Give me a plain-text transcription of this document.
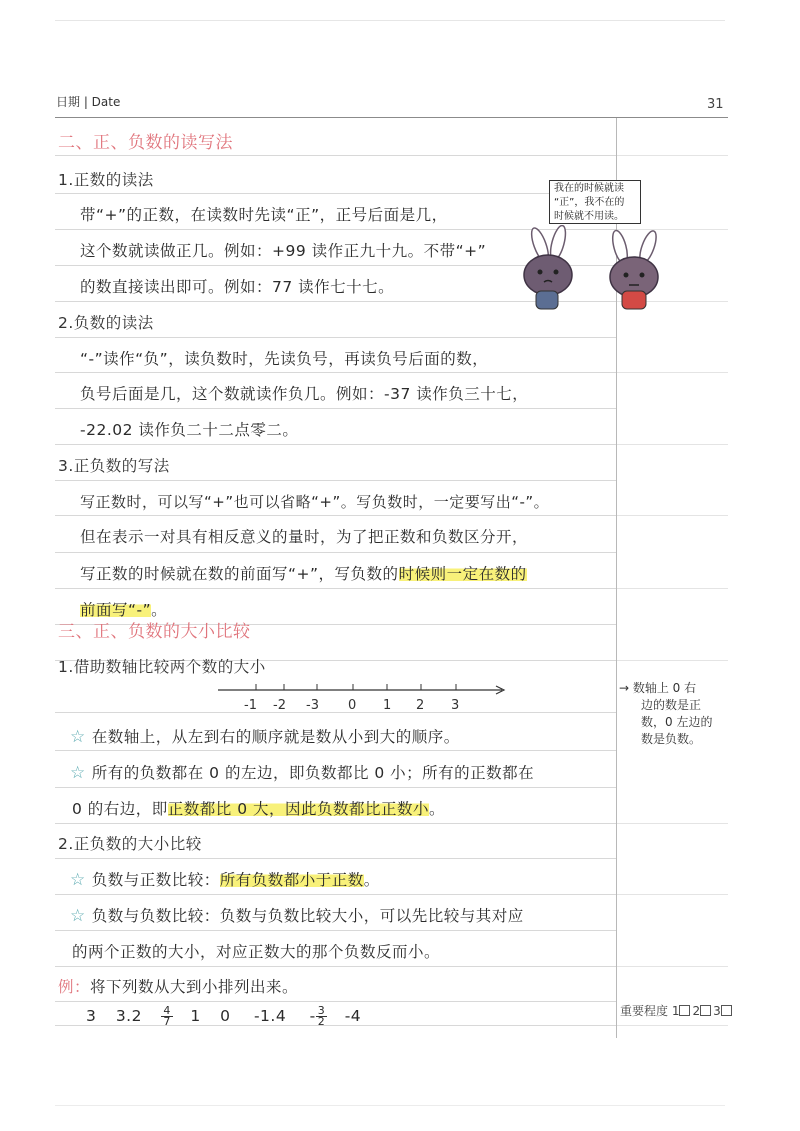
日期 | Date	31
二、正、负数的读写法
1.正数的读法
带“+”的正数，在读数时先读“正”，正号后面是几，
这个数就读做正几。例如：+99 读作正九十九。不带“+”
的数直接读出即可。例如：77 读作七十七。
2.负数的读法
“-”读作“负”，读负数时，先读负号，再读负号后面的数，
负号后面是几，这个数就读作负几。例如：-37 读作负三十七，
-22.02 读作负二十二点零二。
3.正负数的写法
写正数时，可以写“+”也可以省略“+”。写负数时，一定要写出“-”。
但在表示一对具有相反意义的量时，为了把正数和负数区分开，
写正数的时候就在数的前面写“+”，写负数的时候则一定在数的
前面写“-”。
我在的时候就读
“正”，我不在的
时候就不用读。
三、正、负数的大小比较
1.借助数轴比较两个数的大小
-1 -2 -3 0 1 2 3
☆ 在数轴上，从左到右的顺序就是数从小到大的顺序。
☆ 所有的负数都在 0 的左边，即负数都比 0 小；所有的正数都在
0 的右边，即正数都比 0 大，因此负数都比正数小。
2.正负数的大小比较
☆ 负数与正数比较：所有负数都小于正数。
☆ 负数与负数比较：负数与负数比较大小，可以先比较与其对应
的两个正数的大小，对应正数大的那个负数反而小。
例：将下列数从大到小排列出来。
3 $3.2 \frac{4}{7} 1$ 0 $-1.4 - \frac{3}{2} -4$
→ 数轴上 0 右
边的数是正
数，0 左边的
数是负数。
重要程度 1 2 3
